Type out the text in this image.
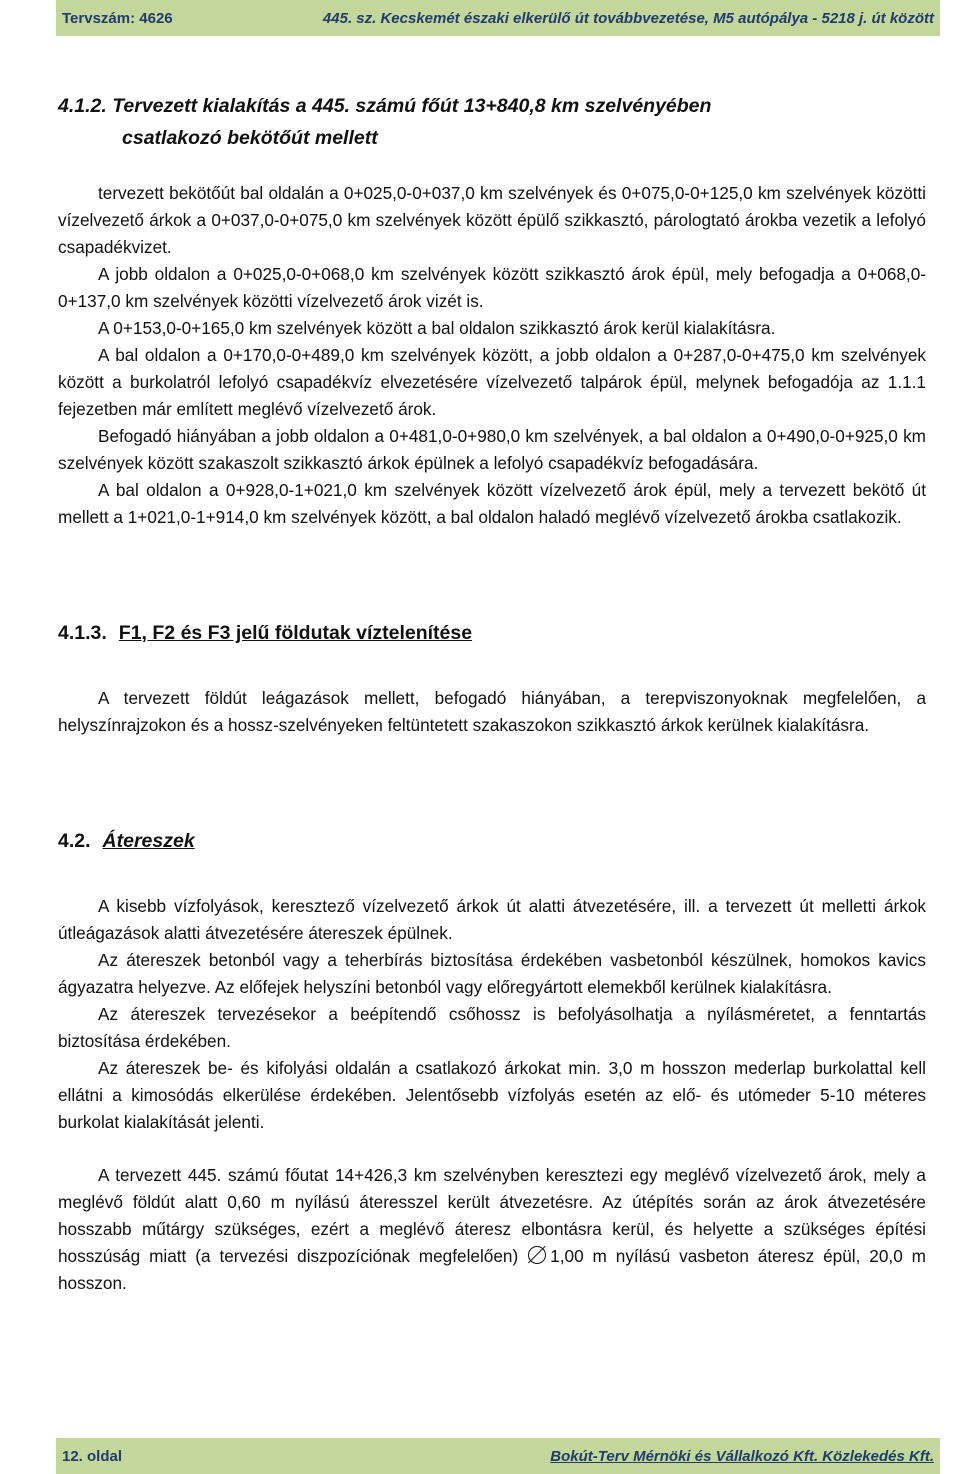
Tervszám: 4626	445. sz. Kecskemét északi elkerülő út továbbvezetése, M5 autópálya - 5218 j. út között
4.1.2. Tervezett kialakítás a 445. számú főút 13+840,8 km szelvényében
csatlakozó bekötőút mellett

tervezett bekötőút bal oldalán a 0+025,0-0+037,0 km szelvények és 0+075,0-0+125,0 km szelvények közötti vízelvezető árkok a 0+037,0-0+075,0 km szelvények között épülő szikkasztó, párologtató árokba vezetik a lefolyó csapadékvizet.

A jobb oldalon a 0+025,0-0+068,0 km szelvények között szikkasztó árok épül, mely befogadja a 0+068,0-0+137,0 km szelvények közötti vízelvezető árok vizét is.

A 0+153,0-0+165,0 km szelvények között a bal oldalon szikkasztó árok kerül kialakításra.

A bal oldalon a 0+170,0-0+489,0 km szelvények között, a jobb oldalon a 0+287,0-0+475,0 km szelvények között a burkolatról lefolyó csapadékvíz elvezetésére vízelvezető talpárok épül, melynek befogadója az 1.1.1 fejezetben már említett meglévő vízelvezető árok.

Befogadó hiányában a jobb oldalon a 0+481,0-0+980,0 km szelvények, a bal oldalon a 0+490,0-0+925,0 km szelvények között szakaszolt szikkasztó árkok épülnek a lefolyó csapadékvíz befogadására.

A bal oldalon a 0+928,0-1+021,0 km szelvények között vízelvezető árok épül, mely a tervezett bekötő út mellett a 1+021,0-1+914,0 km szelvények között, a bal oldalon haladó meglévő vízelvezető árokba csatlakozik.

4.1.3. F1, F2 és F3 jelű földutak víztelenítése

A tervezett földút leágazások mellett, befogadó hiányában, a terepviszonyoknak megfelelően, a helyszínrajzokon és a hossz-szelvényeken feltüntetett szakaszokon szikkasztó árkok kerülnek kialakításra.

4.2. Átereszek

A kisebb vízfolyások, keresztező vízelvezető árkok út alatti átvezetésére, ill. a tervezett út melletti árkok útleágazások alatti átvezetésére átereszek épülnek.

Az átereszek betonból vagy a teherbírás biztosítása érdekében vasbetonból készülnek, homokos kavics ágyazatra helyezve. Az előfejek helyszíni betonból vagy előregyártott elemekből kerülnek kialakításra.

Az átereszek tervezésekor a beépítendő csőhossz is befolyásolhatja a nyílásméretet, a fenntartás biztosítása érdekében.

Az átereszek be- és kifolyási oldalán a csatlakozó árkokat min. 3,0 m hosszon mederlap burkolattal kell ellátni a kimosódás elkerülése érdekében. Jelentősebb vízfolyás esetén az elő- és utómeder 5-10 méteres burkolat kialakítását jelenti.

A tervezett 445. számú főutat 14+426,3 km szelvényben keresztezi egy meglévő vízelvezető árok, mely a meglévő földút alatt 0,60 m nyílású áteresszel került átvezetésre. Az útépítés során az árok átvezetésére hosszabb műtárgy szükséges, ezért a meglévő áteresz elbontásra kerül, és helyette a szükséges építési hosszúság miatt (a tervezési diszpozíciónak megfelelően) 1,00 m nyílású vasbeton áteresz épül, 20,0 m hosszon.

12. oldal	Bokút-Terv Mérnöki és Vállalkozó Kft. Közlekedés Kft.
